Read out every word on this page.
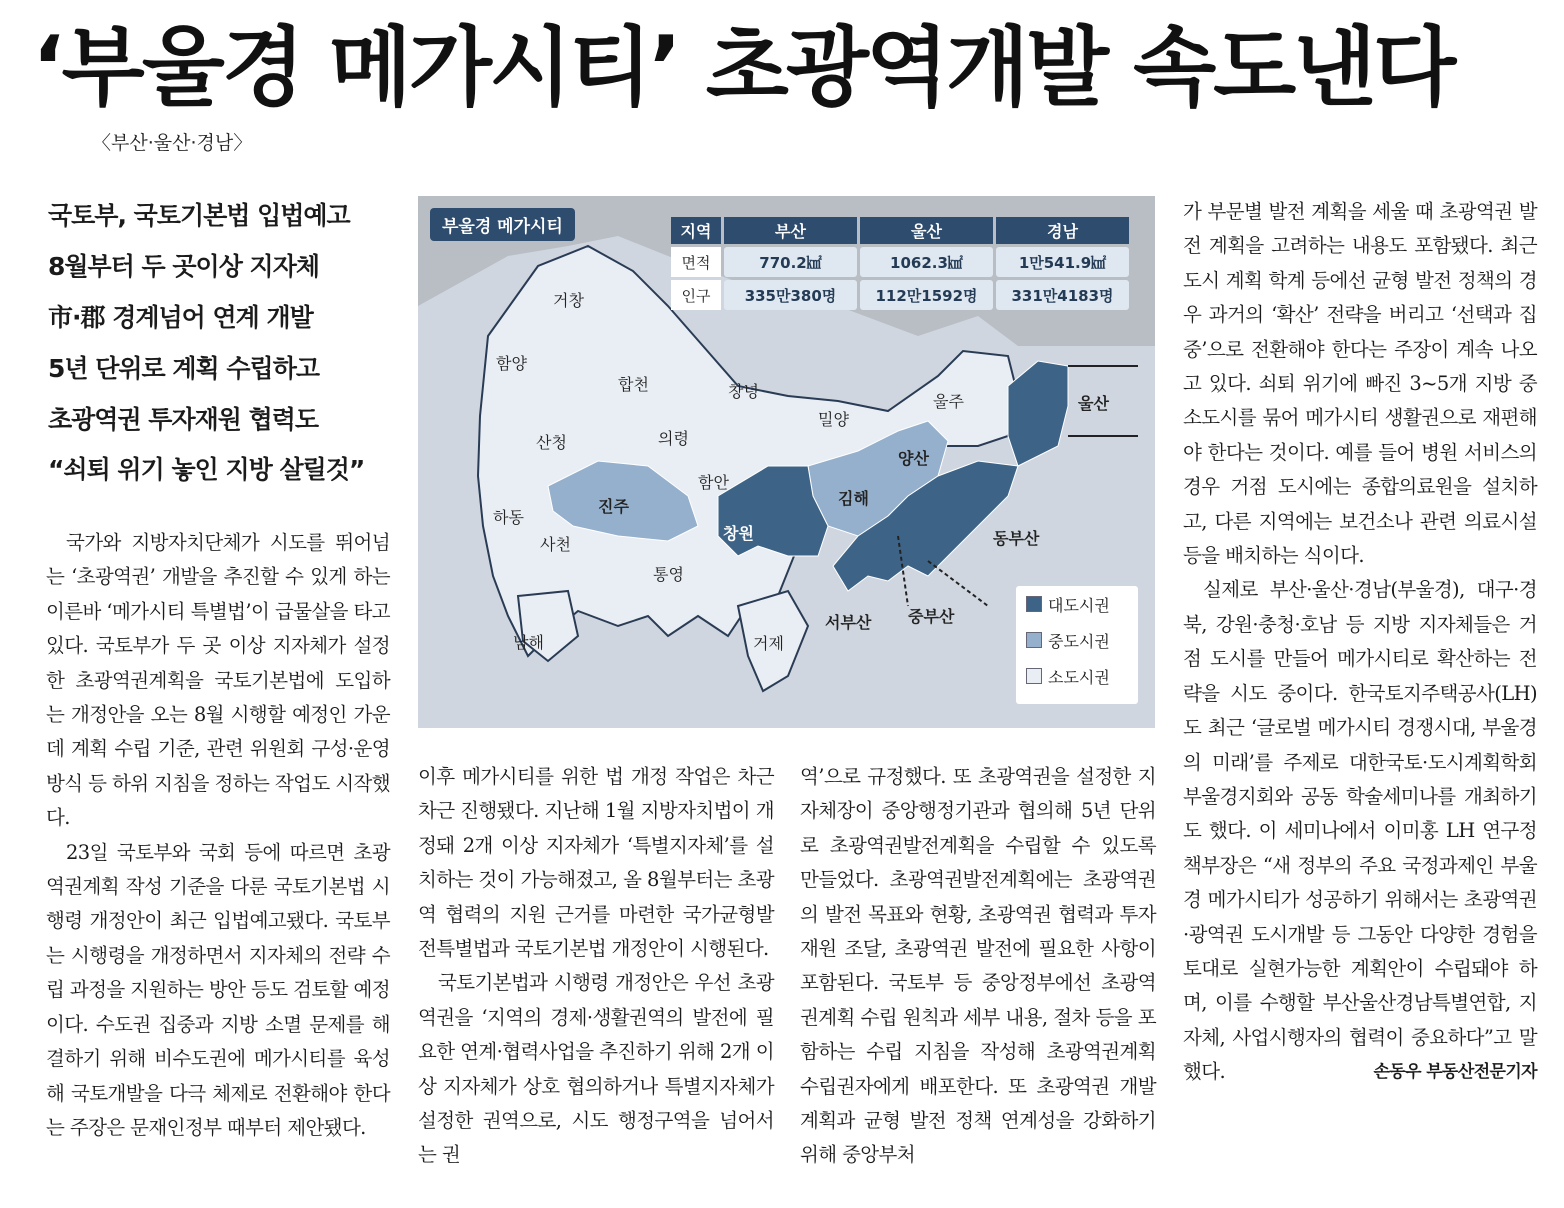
‘부울경 메가시티’ 초광역개발 속도낸다
〈부산·울산·경남〉
국토부, 국토기본법 입법예고
8월부터 두 곳이상 지자체
市·郡 경계넘어 연계 개발
5년 단위로 계획 수립하고
초광역권 투자재원 협력도
“쇠퇴 위기 놓인 지방 살릴것”

국가와 지방자치단체가 시도를 뛰어넘는 ‘초광역권’ 개발을 추진할 수 있게 하는 이른바 ‘메가시티 특별법’이 급물살을 타고 있다. 국토부가 두 곳 이상 지자체가 설정한 초광역권계획을 국토기본법에 도입하는 개정안을 오는 8월 시행할 예정인 가운데 계획 수립 기준, 관련 위원회 구성·운영 방식 등 하위 지침을 정하는 작업도 시작했다.

23일 국토부와 국회 등에 따르면 초광역권계획 작성 기준을 다룬 국토기본법 시행령 개정안이 최근 입법예고됐다. 국토부는 시행령을 개정하면서 지자체의 전략 수립 과정을 지원하는 방안 등도 검토할 예정이다. 수도권 집중과 지방 소멸 문제를 해결하기 위해 비수도권에 메가시티를 육성해 국토개발을 다극 체제로 전환해야 한다는 주장은 문재인정부 때부터 제안됐다.

부울경 메가시티	지역	부산	울산	경남
면적	770.2㎢	1062.3㎢	1만541.9㎢
인구	335만380명	112만1592명	331만4183명
거창
함양
합천	창녕
산청	의령
밀양
울주	울산
양산
함안
진주	김해
하동
사천
창원	동부산
통영
남해	거제
서부산 중부산
대도시권
중도시권
소도시권

이후 메가시티를 위한 법 개정 작업은 차근차근 진행됐다. 지난해 1월 지방자치법이 개정돼 2개 이상 지자체가 ‘특별지자체’를 설치하는 것이 가능해졌고, 올 8월부터는 초광역 협력의 지원 근거를 마련한 국가균형발전특별법과 국토기본법 개정안이 시행된다.

국토기본법과 시행령 개정안은 우선 초광역권을 ‘지역의 경제·생활권역의 발전에 필요한 연계·협력사업을 추진하기 위해 2개 이상 지자체가 상호 협의하거나 특별지자체가 설정한 권역으로, 시도 행정구역을 넘어서는 권

역’으로 규정했다. 또 초광역권을 설정한 지자체장이 중앙행정기관과 협의해 5년 단위로 초광역권발전계획을 수립할 수 있도록 만들었다. 초광역권발전계획에는 초광역권의 발전 목표와 현황, 초광역권 협력과 투자재원 조달, 초광역권 발전에 필요한 사항이 포함된다. 국토부 등 중앙정부에선 초광역권계획 수립 원칙과 세부 내용, 절차 등을 포함하는 수립 지침을 작성해 초광역권계획 수립권자에게 배포한다. 또 초광역권 개발 계획과 균형 발전 정책 연계성을 강화하기 위해 중앙부처

가 부문별 발전 계획을 세울 때 초광역권 발전 계획을 고려하는 내용도 포함됐다. 최근 도시 계획 학계 등에선 균형 발전 정책의 경우 과거의 ‘확산’ 전략을 버리고 ‘선택과 집중’으로 전환해야 한다는 주장이 계속 나오고 있다. 쇠퇴 위기에 빠진 3~5개 지방 중소도시를 묶어 메가시티 생활권으로 재편해야 한다는 것이다. 예를 들어 병원 서비스의 경우 거점 도시에는 종합의료원을 설치하고, 다른 지역에는 보건소나 관련 의료시설 등을 배치하는 식이다.

실제로 부산·울산·경남(부울경), 대구·경북, 강원·충청·호남 등 지방 지자체들은 거점 도시를 만들어 메가시티로 확산하는 전략을 시도 중이다. 한국토지주택공사(LH)도 최근 ‘글로벌 메가시티 경쟁시대, 부울경의 미래’를 주제로 대한국토·도시계획학회 부울경지회와 공동 학술세미나를 개최하기도 했다. 이 세미나에서 이미홍 LH 연구정책부장은 “새 정부의 주요 국정과제인 부울경 메가시티가 성공하기 위해서는 초광역권·광역권 도시개발 등 그동안 다양한 경험을 토대로 실현가능한 계획안이 수립돼야 하며, 이를 수행할 부산울산경남특별연합, 지자체, 사업시행자의 협력이 중요하다”고 말했다.	손동우 부동산전문기자
